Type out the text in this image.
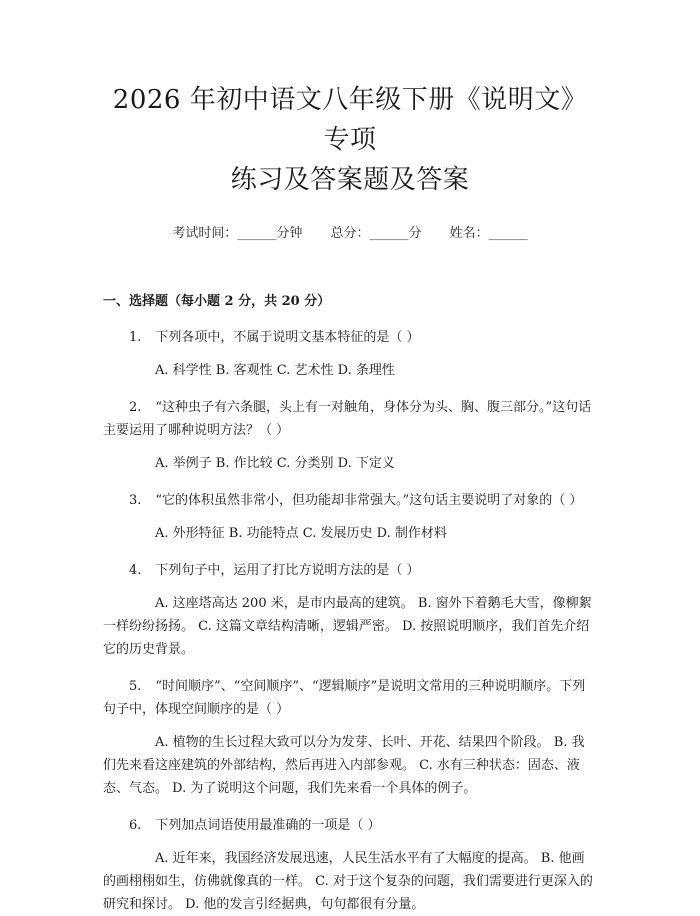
2026 年初中语文八年级下册《说明文》专项
练习及答案题及答案
考试时间：______分钟 总分：______分 姓名：______
一、选择题（每小题 2 分，共 20 分）
1. 下列各项中，不属于说明文基本特征的是（ ）
A. 科学性 B. 客观性 C. 艺术性 D. 条理性
2. “这种虫子有六条腿，头上有一对触角，身体分为头、胸、腹三部分。”这句话主要运用了哪种说明方法？（ ）
A. 举例子 B. 作比较 C. 分类别 D. 下定义
3. “它的体积虽然非常小，但功能却非常强大。”这句话主要说明了对象的（ ）
A. 外形特征 B. 功能特点 C. 发展历史 D. 制作材料
4. 下列句子中，运用了打比方说明方法的是（ ）
A. 这座塔高达 200 米，是市内最高的建筑。 B. 窗外下着鹅毛大雪，像柳絮一样纷纷扬扬。 C. 这篇文章结构清晰，逻辑严密。 D. 按照说明顺序，我们首先介绍它的历史背景。
5. “时间顺序”、“空间顺序”、“逻辑顺序”是说明文常用的三种说明顺序。下列句子中，体现空间顺序的是（ ）
A. 植物的生长过程大致可以分为发芽、长叶、开花、结果四个阶段。 B. 我们先来看这座建筑的外部结构，然后再进入内部参观。 C. 水有三种状态：固态、液态、气态。 D. 为了说明这个问题，我们先来看一个具体的例子。
6. 下列加点词语使用最准确的一项是（ ）
A. 近年来，我国经济发展迅速，人民生活水平有了大幅度的提高。 B. 他画的画栩栩如生，仿佛就像真的一样。 C. 对于这个复杂的问题，我们需要进行更深入的研究和探讨。 D. 他的发言引经据典，句句都很有分量。
